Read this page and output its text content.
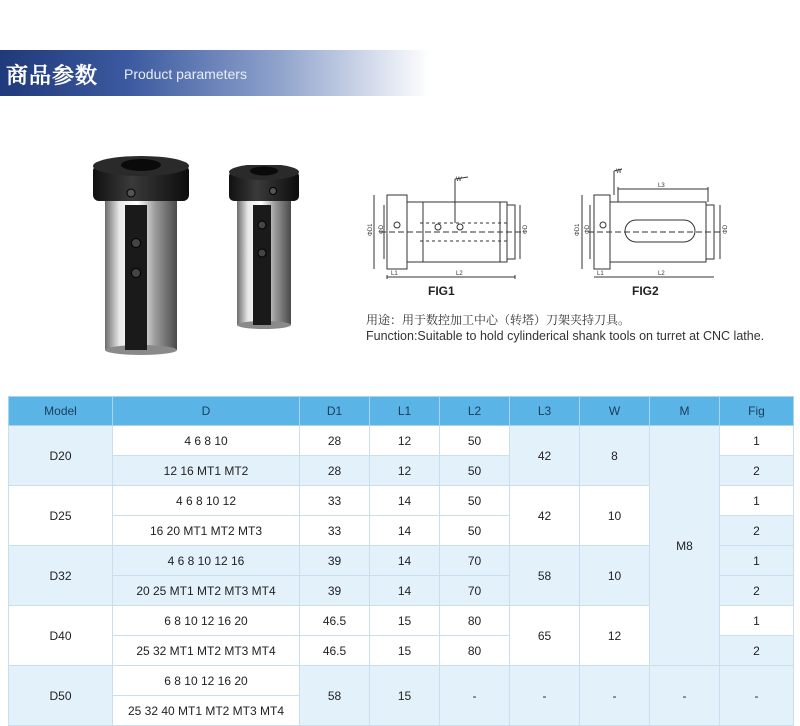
商品参数 Product parameters
W
ΦD1 ΦD	ΦD
L1	L2
W
L3
ΦD1 ΦD	ΦD
L1	L2
FIG1	FIG2
用途：用于数控加工中心（转塔）刀架夹持刀具。
Function:Suitable to hold cylinderical shank tools on turret at CNC lathe.
Model	D	D1	L1	L2	L3	W	M	Fig
D20	4 6 8 10	28	12	50	42	8	M8	1
	12 16 MT1 MT2	28	12	50				2
D25	4 6 8 10 12	33	14	50	42	10		1
	16 20 MT1 MT2 MT3	33	14	50				2
D32	4 6 8 10 12 16	39	14	70	58	10		1
	20 25 MT1 MT2 MT3 MT4	39	14	70				2
D40	6 8 10 12 16 20	46.5	15	80	65	12		1
	25 32 MT1 MT2 MT3 MT4	46.5	15	80				2
D50	6 8 10 12 16 20	58	15	-	-	-	-	-
	25 32 40 MT1 MT2 MT3 MT4							
